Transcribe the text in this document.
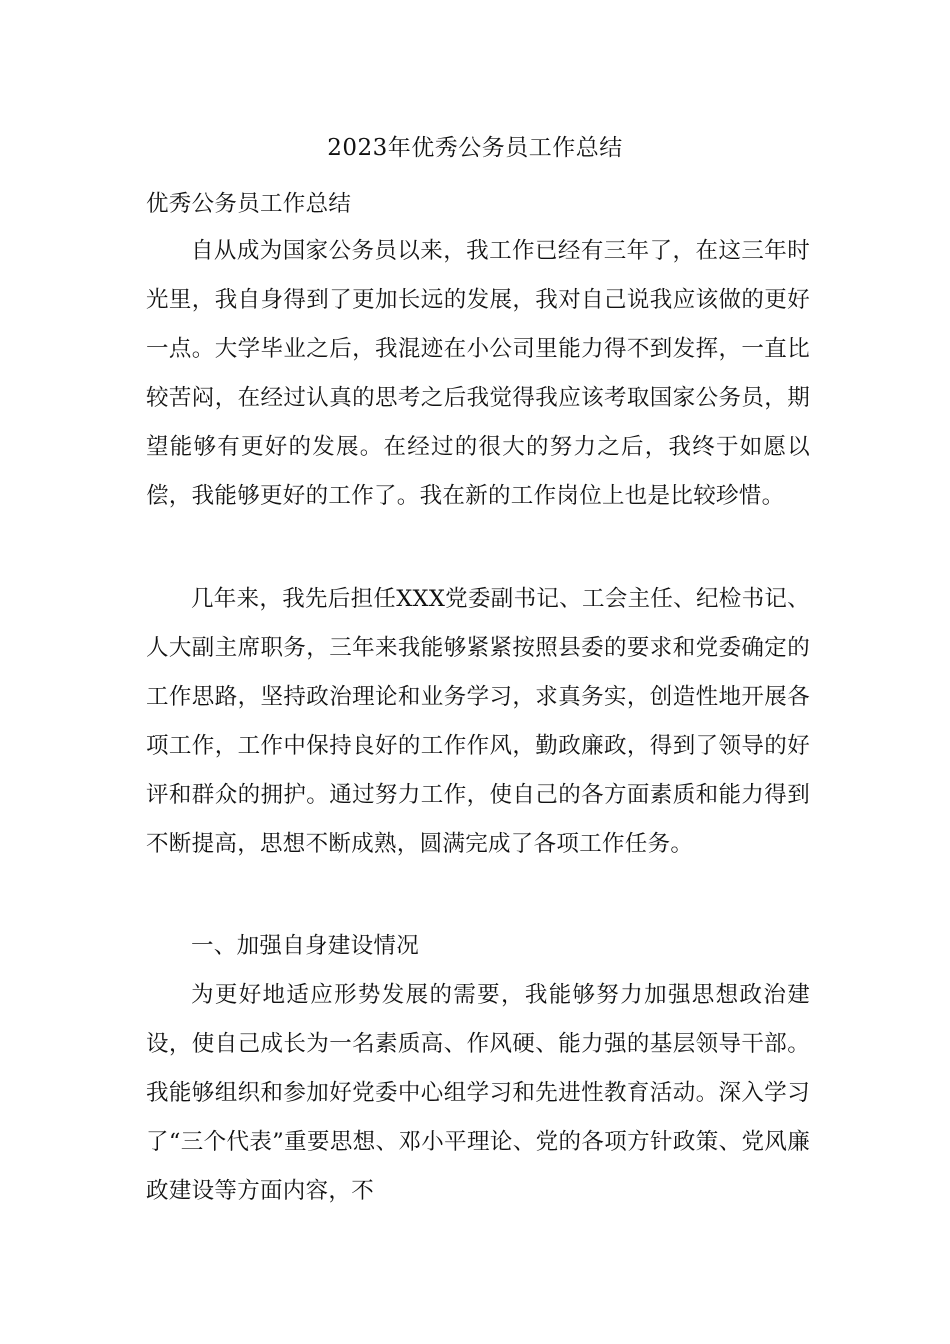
2023年优秀公务员工作总结

优秀公务员工作总结

自从成为国家公务员以来，我工作已经有三年了，在这三年时光里，我自身得到了更加长远的发展，我对自己说我应该做的更好一点。大学毕业之后，我混迹在小公司里能力得不到发挥，一直比较苦闷，在经过认真的思考之后我觉得我应该考取国家公务员，期望能够有更好的发展。在经过的很大的努力之后，我终于如愿以偿，我能够更好的工作了。我在新的工作岗位上也是比较珍惜。

几年来，我先后担任XXX党委副书记、工会主任、纪检书记、人大副主席职务，三年来我能够紧紧按照县委的要求和党委确定的工作思路，坚持政治理论和业务学习，求真务实，创造性地开展各项工作，工作中保持良好的工作作风，勤政廉政，得到了领导的好评和群众的拥护。通过努力工作，使自己的各方面素质和能力得到不断提高，思想不断成熟，圆满完成了各项工作任务。

一、加强自身建设情况

为更好地适应形势发展的需要，我能够努力加强思想政治建设，使自己成长为一名素质高、作风硬、能力强的基层领导干部。我能够组织和参加好党委中心组学习和先进性教育活动。深入学习了“三个代表”重要思想、邓小平理论、党的各项方针政策、党风廉政建设等方面内容，不
